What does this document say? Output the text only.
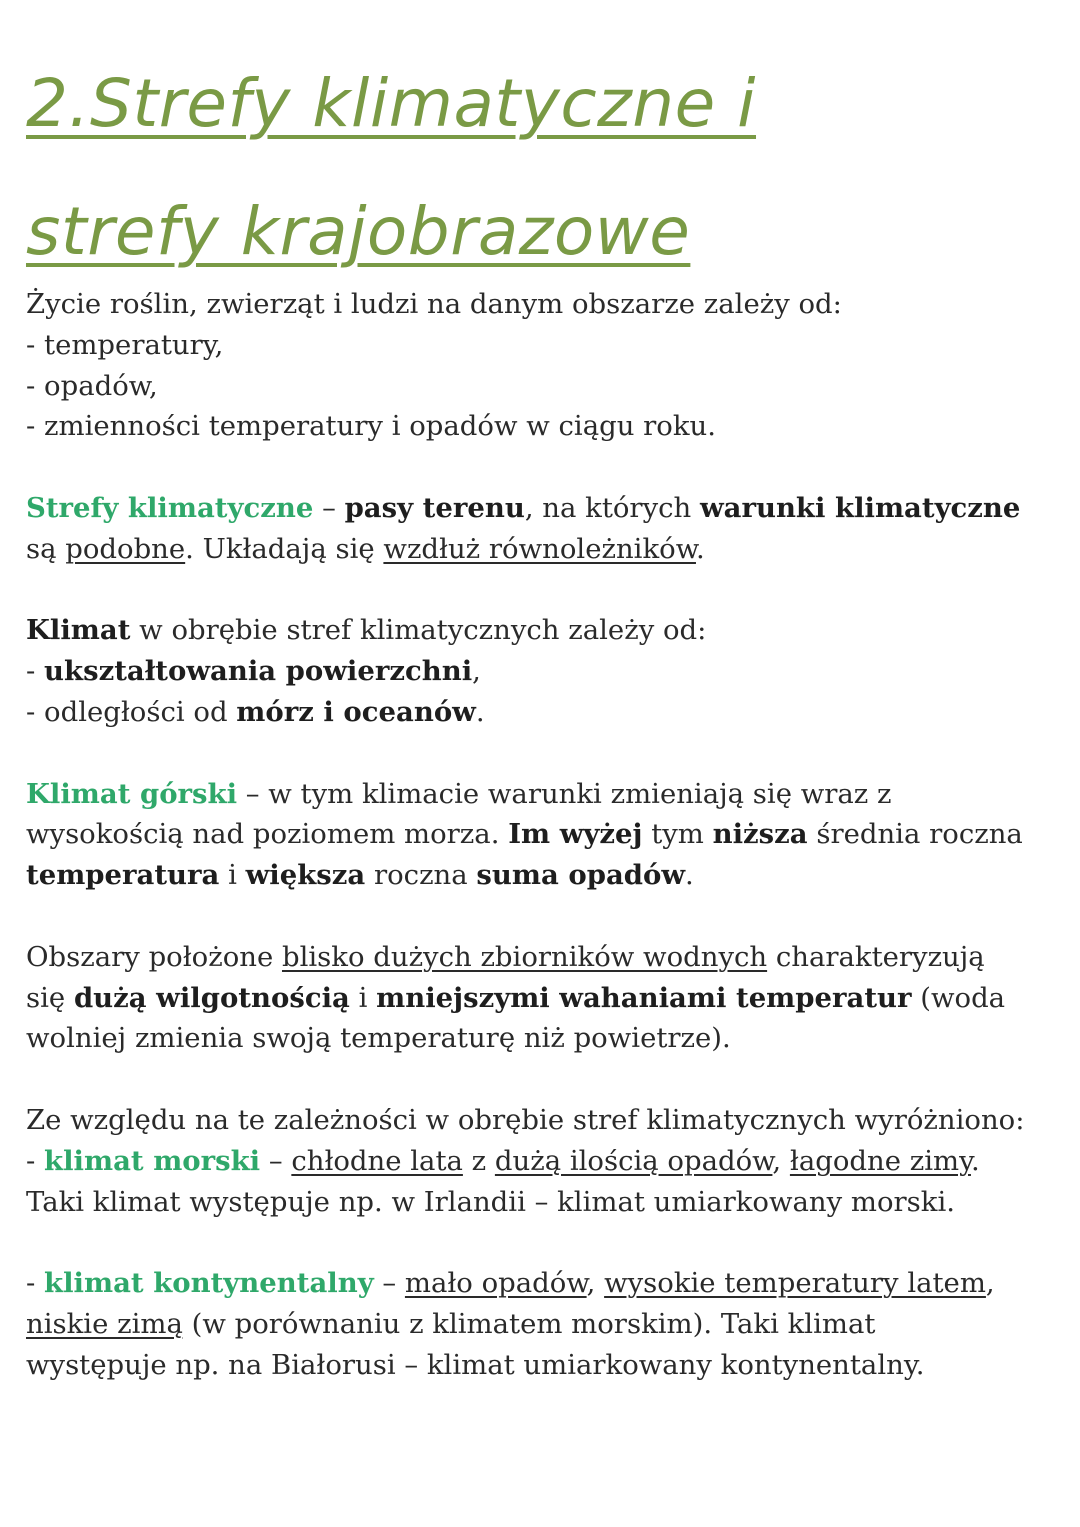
2.Strefy klimatyczne i
strefy krajobrazowe
Życie roślin, zwierząt i ludzi na danym obszarze zależy od:
- temperatury,
- opadów,
- zmienności temperatury i opadów w ciągu roku.
Strefy klimatyczne – pasy terenu, na których warunki klimatyczne
są podobne. Układają się wzdłuż równoleżników.
Klimat w obrębie stref klimatycznych zależy od:
- ukształtowania powierzchni,
- odległości od mórz i oceanów.
Klimat górski – w tym klimacie warunki zmieniają się wraz z
wysokością nad poziomem morza. Im wyżej tym niższa średnia roczna
temperatura i większa roczna suma opadów.
Obszary położone blisko dużych zbiorników wodnych charakteryzują
się dużą wilgotnością i mniejszymi wahaniami temperatur (woda
wolniej zmienia swoją temperaturę niż powietrze).
Ze względu na te zależności w obrębie stref klimatycznych wyróżniono:
- klimat morski – chłodne lata z dużą ilością opadów, łagodne zimy.
Taki klimat występuje np. w Irlandii – klimat umiarkowany morski.
- klimat kontynentalny – mało opadów, wysokie temperatury latem,
niskie zimą (w porównaniu z klimatem morskim). Taki klimat
występuje np. na Białorusi – klimat umiarkowany kontynentalny.
